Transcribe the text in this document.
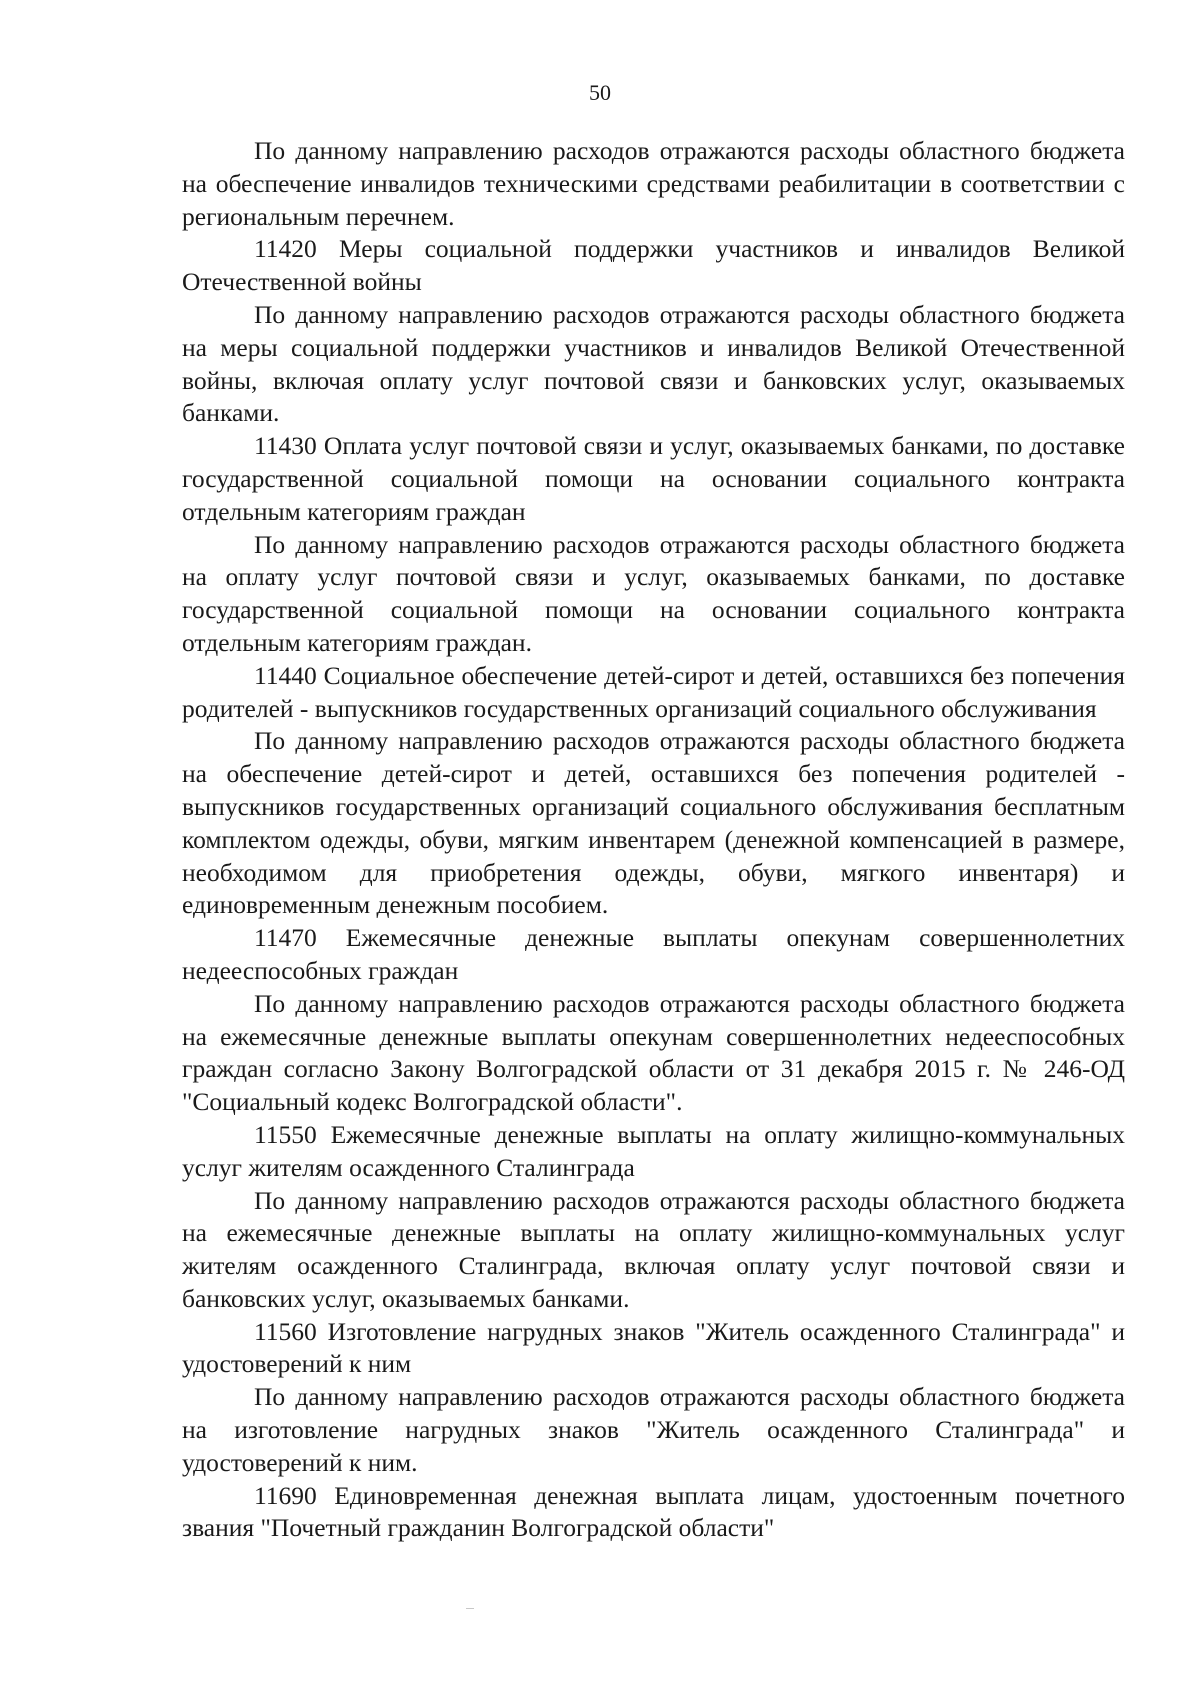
50

По данному направлению расходов отражаются расходы областного бюджета на обеспечение инвалидов техническими средствами реабилитации в соответствии с региональным перечнем.

11420 Меры социальной поддержки участников и инвалидов Великой Отечественной войны

По данному направлению расходов отражаются расходы областного бюджета на меры социальной поддержки участников и инвалидов Великой Отечественной войны, включая оплату услуг почтовой связи и банковских услуг, оказываемых банками.

11430 Оплата услуг почтовой связи и услуг, оказываемых банками, по доставке государственной социальной помощи на основании социального контракта отдельным категориям граждан

По данному направлению расходов отражаются расходы областного бюджета на оплату услуг почтовой связи и услуг, оказываемых банками, по доставке государственной социальной помощи на основании социального контракта отдельным категориям граждан.

11440 Социальное обеспечение детей-сирот и детей, оставшихся без попечения родителей - выпускников государственных организаций социального обслуживания

По данному направлению расходов отражаются расходы областного бюджета на обеспечение детей-сирот и детей, оставшихся без попечения родителей - выпускников государственных организаций социального обслуживания бесплатным комплектом одежды, обуви, мягким инвентарем (денежной компенсацией в размере, необходимом для приобретения одежды, обуви, мягкого инвентаря) и единовременным денежным пособием.

11470 Ежемесячные денежные выплаты опекунам совершеннолетних недееспособных граждан

По данному направлению расходов отражаются расходы областного бюджета на ежемесячные денежные выплаты опекунам совершеннолетних недееспособных граждан согласно Закону Волгоградской области от 31 декабря 2015 г. № 246-ОД "Социальный кодекс Волгоградской области".

11550 Ежемесячные денежные выплаты на оплату жилищно-коммунальных услуг жителям осажденного Сталинграда

По данному направлению расходов отражаются расходы областного бюджета на ежемесячные денежные выплаты на оплату жилищно-коммунальных услуг жителям осажденного Сталинграда, включая оплату услуг почтовой связи и банковских услуг, оказываемых банками.

11560 Изготовление нагрудных знаков "Житель осажденного Сталинграда" и удостоверений к ним

По данному направлению расходов отражаются расходы областного бюджета на изготовление нагрудных знаков "Житель осажденного Сталинграда" и удостоверений к ним.

11690 Единовременная денежная выплата лицам, удостоенным почетного звания "Почетный гражданин Волгоградской области"
